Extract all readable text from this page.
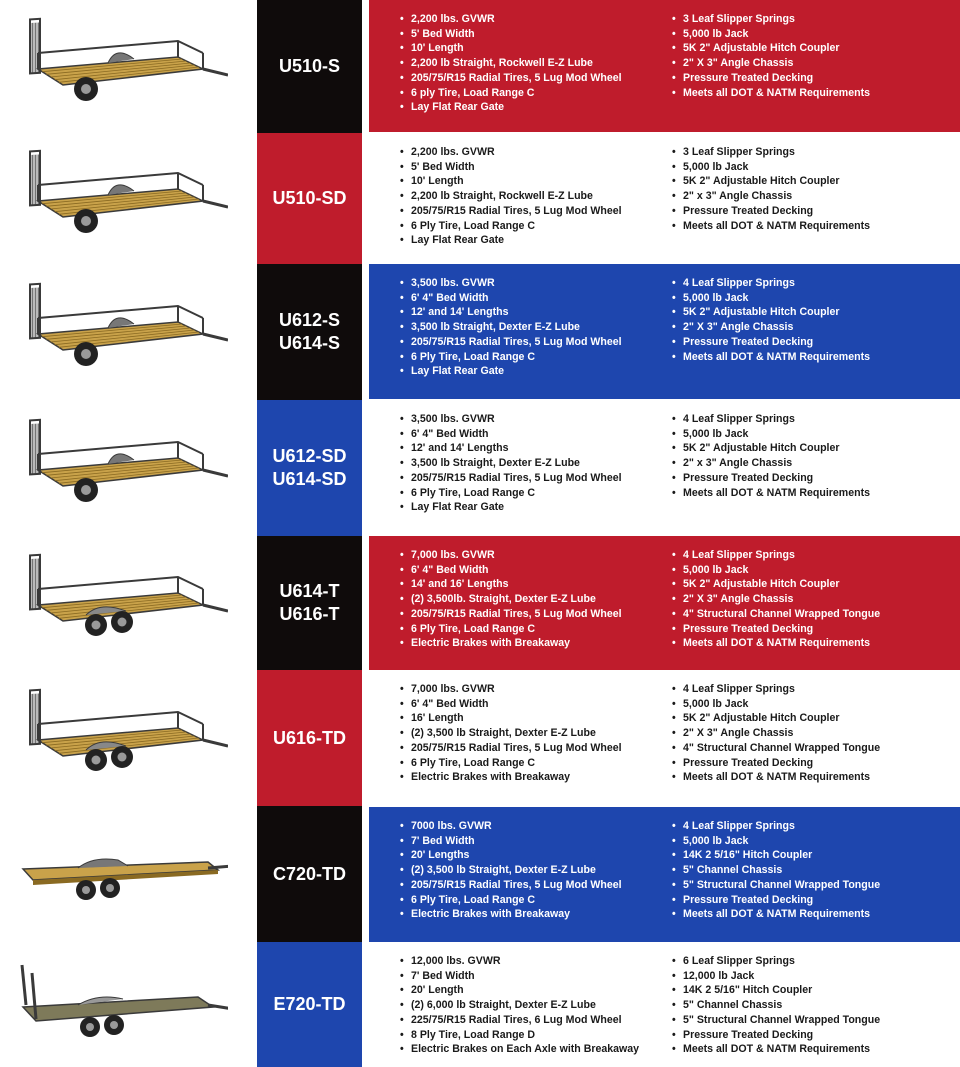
U510-S
• 2,200 lbs. GVWR
• 5' Bed Width
• 10' Length
• 2,200 lb Straight, Rockwell E-Z Lube
• 205/75/R15 Radial Tires, 5 Lug Mod Wheel
• 6 ply Tire, Load Range C
• Lay Flat Rear Gate
• 3 Leaf Slipper Springs
• 5,000 lb Jack
• 5K 2" Adjustable Hitch Coupler
• 2" X 3" Angle Chassis
• Pressure Treated Decking
• Meets all DOT & NATM Requirements
U510-SD
• 2,200 lbs. GVWR
• 5' Bed Width
• 10' Length
• 2,200 lb Straight, Rockwell E-Z Lube
• 205/75/R15 Radial Tires, 5 Lug Mod Wheel
• 6 Ply Tire, Load Range C
• Lay Flat Rear Gate
• 3 Leaf Slipper Springs
• 5,000 lb Jack
• 5K 2" Adjustable Hitch Coupler
• 2" x 3" Angle Chassis
• Pressure Treated Decking
• Meets all DOT & NATM Requirements
U612-S
U614-S
• 3,500 lbs. GVWR
• 6' 4" Bed Width
• 12' and 14' Lengths
• 3,500 lb Straight, Dexter E-Z Lube
• 205/75/R15 Radial Tires, 5 Lug Mod Wheel
• 6 Ply Tire, Load Range C
• Lay Flat Rear Gate
• 4 Leaf Slipper Springs
• 5,000 lb Jack
• 5K 2" Adjustable Hitch Coupler
• 2" X 3" Angle Chassis
• Pressure Treated Decking
• Meets all DOT & NATM Requirements
U612-SD
U614-SD
• 3,500 lbs. GVWR
• 6' 4" Bed Width
• 12' and 14' Lengths
• 3,500 lb Straight, Dexter E-Z Lube
• 205/75/R15 Radial Tires, 5 Lug Mod Wheel
• 6 Ply Tire, Load Range C
• Lay Flat Rear Gate
• 4 Leaf Slipper Springs
• 5,000 lb Jack
• 5K 2" Adjustable Hitch Coupler
• 2" x 3" Angle Chassis
• Pressure Treated Decking
• Meets all DOT & NATM Requirements
U614-T
U616-T
• 7,000 lbs. GVWR
• 6' 4" Bed Width
• 14' and 16' Lengths
• (2) 3,500lb. Straight, Dexter E-Z Lube
• 205/75/R15 Radial Tires, 5 Lug Mod Wheel
• 6 Ply Tire, Load Range C
• Electric Brakes with Breakaway
• 4 Leaf Slipper Springs
• 5,000 lb Jack
• 5K 2" Adjustable Hitch Coupler
• 2" X 3" Angle Chassis
• 4" Structural Channel Wrapped Tongue
• Pressure Treated Decking
• Meets all DOT & NATM Requirements
U616-TD
• 7,000 lbs. GVWR
• 6' 4" Bed Width
• 16' Length
• (2) 3,500 lb Straight, Dexter E-Z Lube
• 205/75/R15 Radial Tires, 5 Lug Mod Wheel
• 6 Ply Tire, Load Range C
• Electric Brakes with Breakaway
• 4 Leaf Slipper Springs
• 5,000 lb Jack
• 5K 2" Adjustable Hitch Coupler
• 2" X 3" Angle Chassis
• 4" Structural Channel Wrapped Tongue
• Pressure Treated Decking
• Meets all DOT & NATM Requirements
C720-TD
• 7000 lbs. GVWR
• 7' Bed Width
• 20' Lengths
• (2) 3,500 lb Straight, Dexter E-Z Lube
• 205/75/R15 Radial Tires, 5 Lug Mod Wheel
• 6 Ply Tire, Load Range C
• Electric Brakes with Breakaway
• 4 Leaf Slipper Springs
• 5,000 lb Jack
• 14K 2 5/16" Hitch Coupler
• 5" Channel Chassis
• 5" Structural Channel Wrapped Tongue
• Pressure Treated Decking
• Meets all DOT & NATM Requirements
E720-TD
• 12,000 lbs. GVWR
• 7' Bed Width
• 20' Length
• (2) 6,000 lb Straight, Dexter E-Z Lube
• 225/75/R15 Radial Tires, 6 Lug Mod Wheel
• 8 Ply Tire, Load Range D
• Electric Brakes on Each Axle with Breakaway
• 6 Leaf Slipper Springs
• 12,000 lb Jack
• 14K 2 5/16" Hitch Coupler
• 5" Channel Chassis
• 5" Structural Channel Wrapped Tongue
• Pressure Treated Decking
• Meets all DOT & NATM Requirements
